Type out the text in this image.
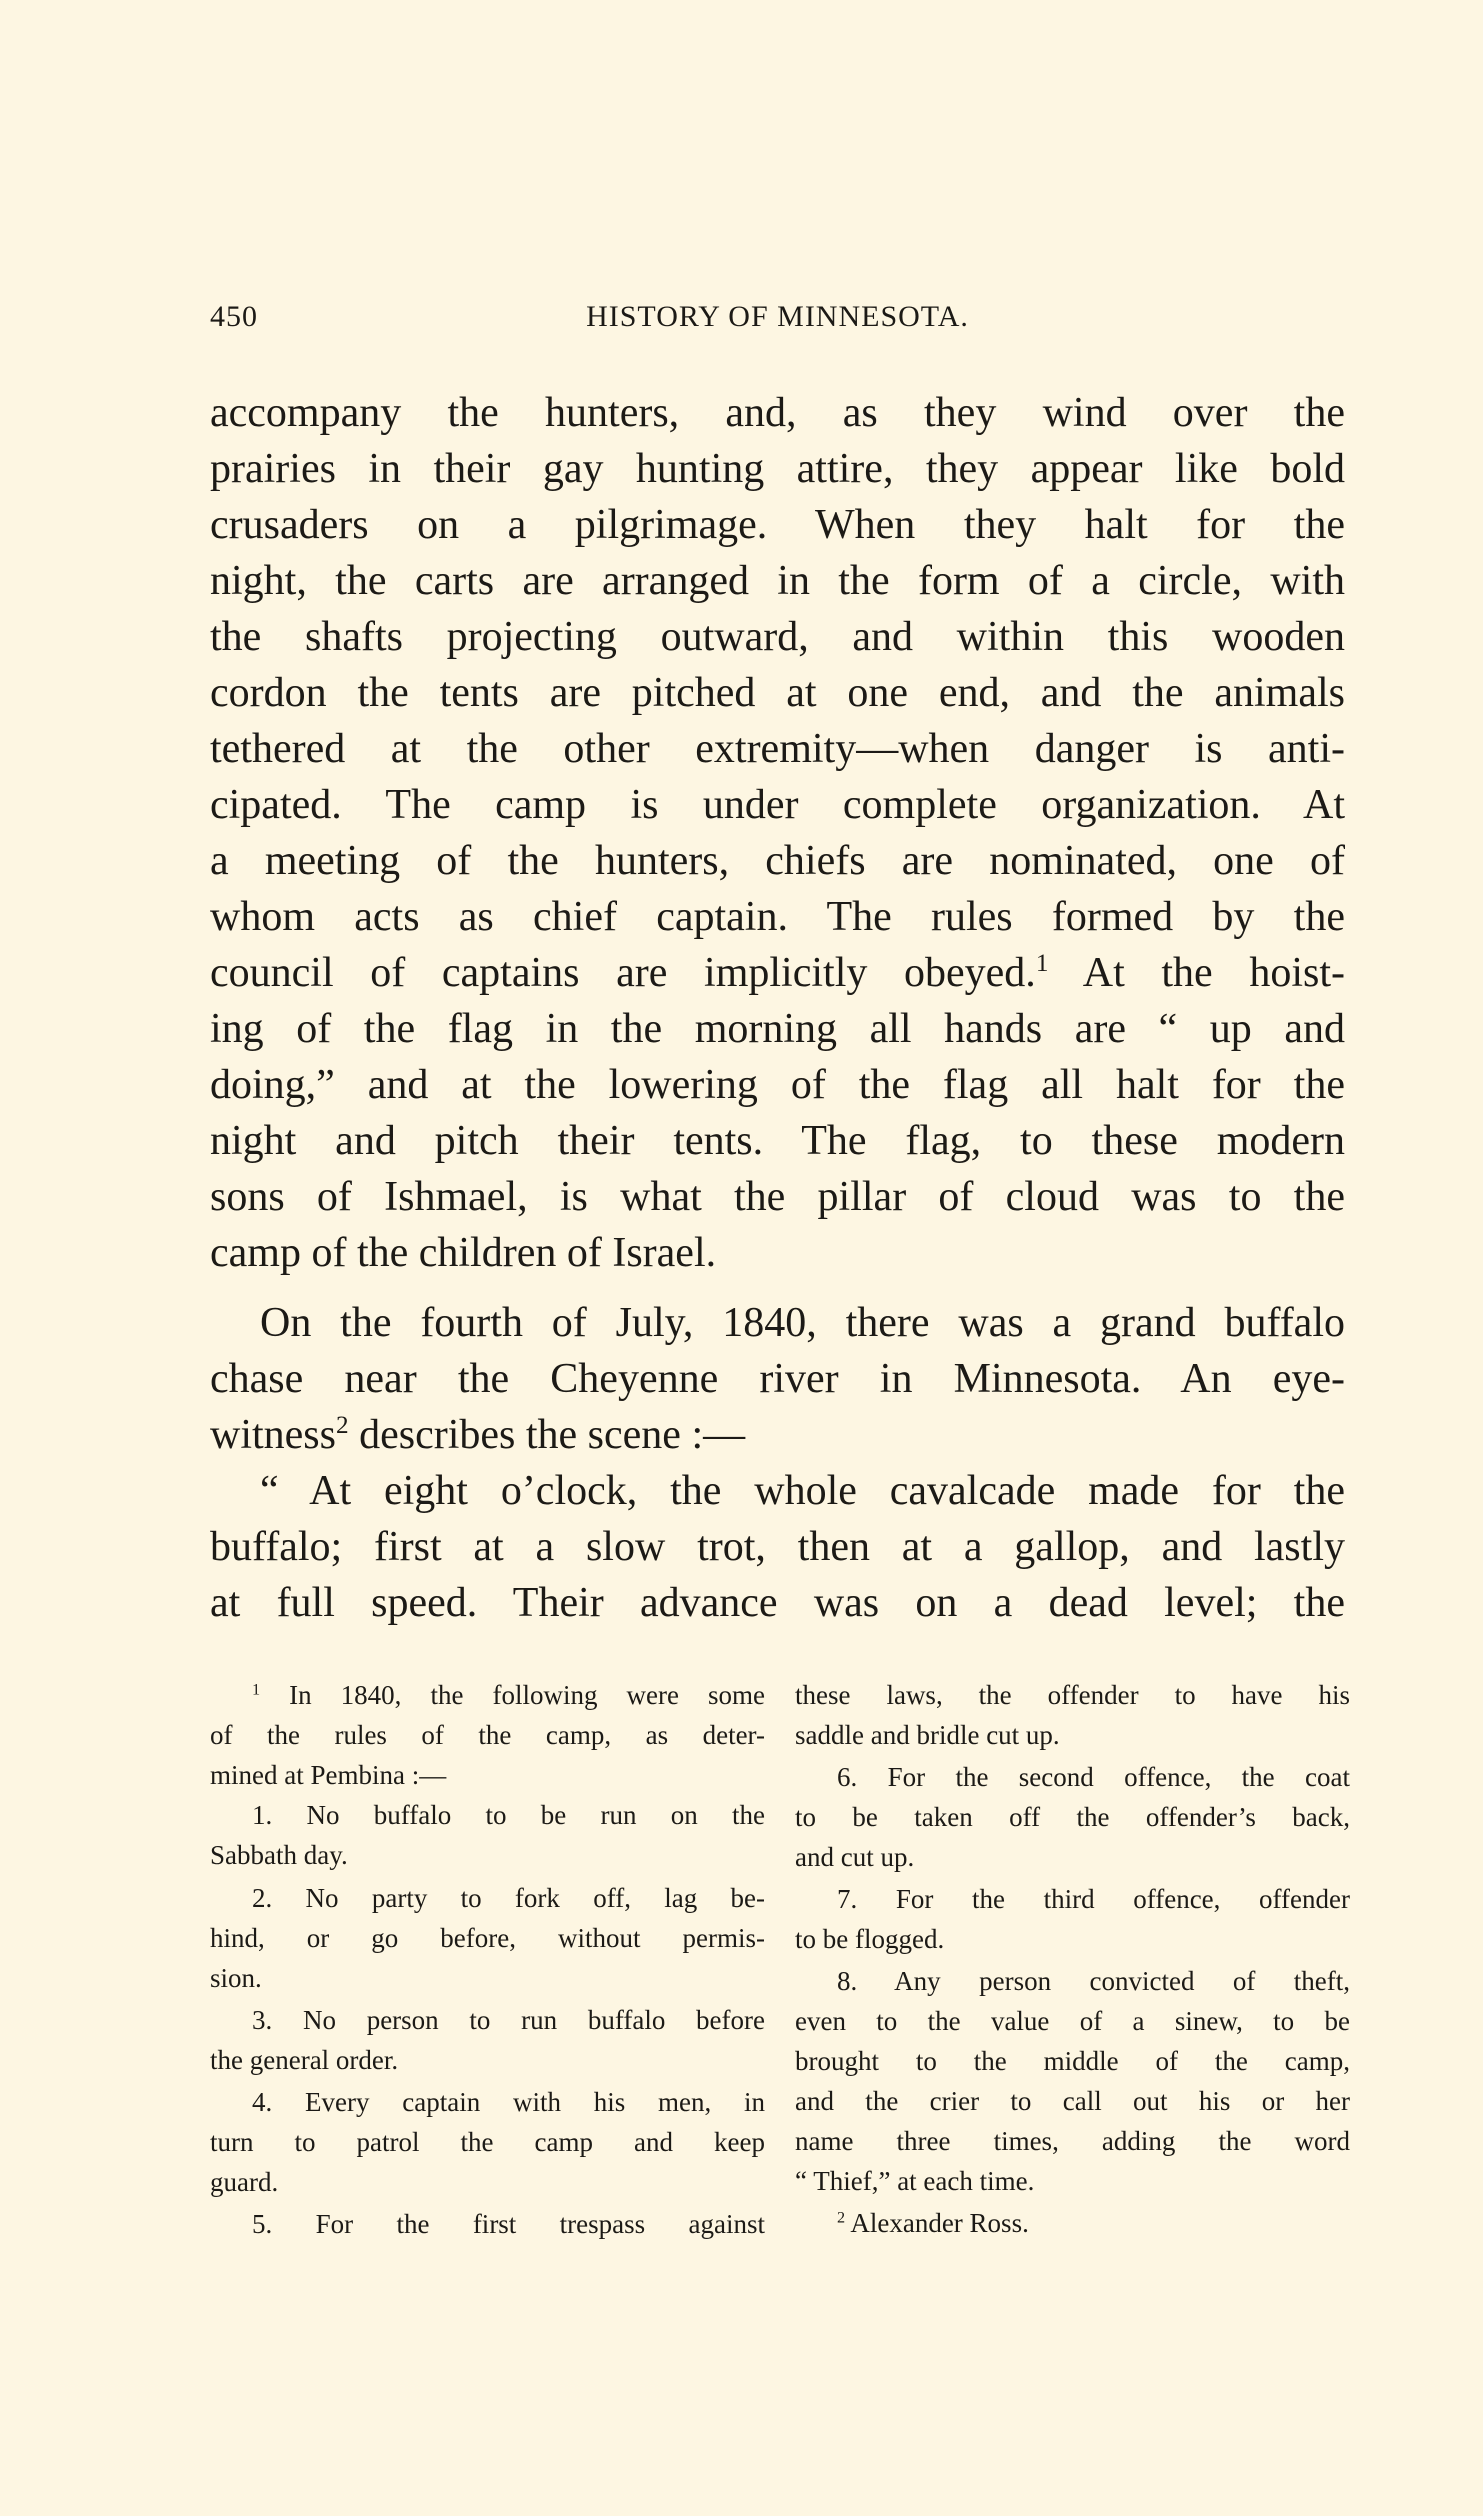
450	HISTORY OF MINNESOTA.
accompany the hunters, and, as they wind over the
prairies in their gay hunting attire, they appear like bold
crusaders on a pilgrimage. When they halt for the
night, the carts are arranged in the form of a circle, with
the shafts projecting outward, and within this wooden
cordon the tents are pitched at one end, and the animals
tethered at the other extremity—when danger is anti-
cipated. The camp is under complete organization. At
a meeting of the hunters, chiefs are nominated, one of
whom acts as chief captain. The rules formed by the
council of captains are implicitly obeyed.$^1$ At the hoist-
ing of the flag in the morning all hands are “ up and
doing,” and at the lowering of the flag all halt for the
night and pitch their tents. The flag, to these modern
sons of Ishmael, is what the pillar of cloud was to the
camp of the children of Israel.
On the fourth of July, 1840, there was a grand buffalo
chase near the Cheyenne river in Minnesota. An eye-
witness$^2$ describes the scene :—
“ At eight o’clock, the whole cavalcade made for the
buffalo; first at a slow trot, then at a gallop, and lastly
at full speed. Their advance was on a dead level; the
$^1$ In 1840, the following were some
of the rules of the camp, as deter-
mined at Pembina :—
1. No buffalo to be run on the
Sabbath day.
2. No party to fork off, lag be-
hind, or go before, without permis-
sion.
3. No person to run buffalo before
the general order.
4. Every captain with his men, in
turn to patrol the camp and keep
guard.
5. For the first trespass against
these laws, the offender to have his
saddle and bridle cut up.
6. For the second offence, the coat
to be taken off the offender’s back,
and cut up.
7. For the third offence, offender
to be flogged.
8. Any person convicted of theft,
even to the value of a sinew, to be
brought to the middle of the camp,
and the crier to call out his or her
name three times, adding the word
“ Thief,” at each time.
$^2$ Alexander Ross.
